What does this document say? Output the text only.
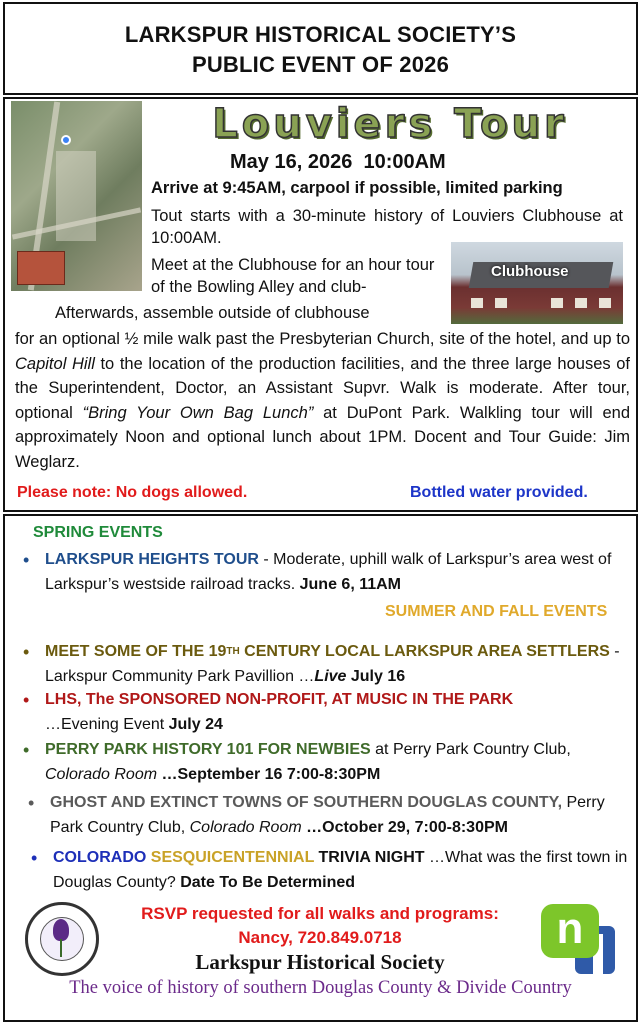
LARKSPUR HISTORICAL SOCIETY’S
PUBLIC EVENT OF 2026
Louviers Tour
May 16, 2026 10:00AM
Arrive at 9:45AM, carpool if possible, limited parking
Tout starts with a 30-minute history of Louviers Clubhouse at 10:00AM.
Meet at the Clubhouse for an hour tour of the Bowling Alley and club-
Clubhouse
Afterwards, assemble outside of clubhouse
for an optional ½ mile walk past the Presbyterian Church, site of the hotel, and up to Capitol Hill to the location of the production facilities, and the three large houses of the Superintendent, Doctor, an Assistant Supvr. Walk is moderate. After tour, optional “Bring Your Own Bag Lunch” at DuPont Park. Walkling tour will end approximately Noon and optional lunch about 1PM. Docent and Tour Guide: Jim Weglarz.
Please note: No dogs allowed.	Bottled water provided.
SPRING EVENTS
• LARKSPUR HEIGHTS TOUR - Moderate, uphill walk of Larkspur’s area west of Larkspur’s westside railroad tracks. June 6, 11AM
SUMMER AND FALL EVENTS
• MEET SOME OF THE 19TH CENTURY LOCAL LARKSPUR AREA SETTLERS - Larkspur Community Park Pavillion …Live July 16
• LHS, The SPONSORED NON-PROFIT, AT MUSIC IN THE PARK
…Evening Event July 24
• PERRY PARK HISTORY 101 FOR NEWBIES at Perry Park Country Club, Colorado Room …September 16 7:00-8:30PM
• GHOST AND EXTINCT TOWNS OF SOUTHERN DOUGLAS COUNTY, Perry Park Country Club, Colorado Room …October 29, 7:00-8:30PM
• COLORADO SESQUICENTENNIAL TRIVIA NIGHT …What was the first town in Douglas County? Date To Be Determined
RSVP requested for all walks and programs:
Nancy, 720.849.0718
Larkspur Historical Society
n
The voice of history of southern Douglas County & Divide Country
